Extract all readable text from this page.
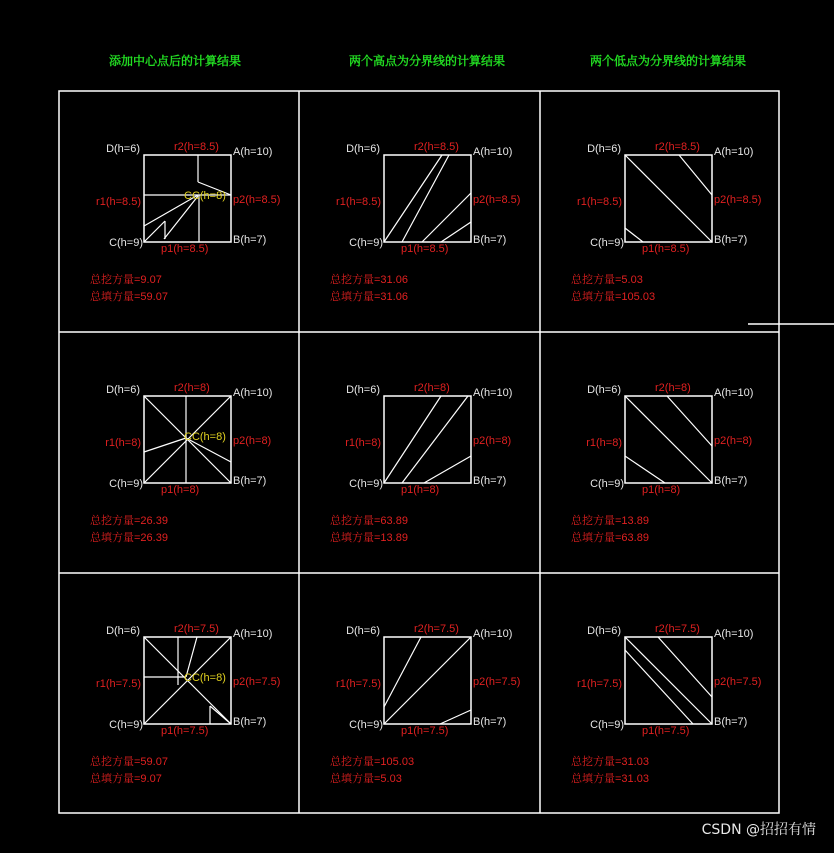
添加中心点后的计算结果	两个高点为分界线的计算结果	两个低点为分界线的计算结果
D(h=6)	A(h=10)
B(h=7)
C(h=9)
r2(h=8.5)
p2(h=8.5)
p1(h=8.5)
r1(h=8.5)	CC(h=8)
总挖方量=9.07
总填方量=59.07
D(h=6)	A(h=10)
B(h=7)
C(h=9)
r2(h=8.5)
p2(h=8.5)
p1(h=8.5)
r1(h=8.5)
总挖方量=31.06
总填方量=31.06
D(h=6)	A(h=10)
B(h=7)
C(h=9)
r2(h=8.5)
p2(h=8.5)
p1(h=8.5)
r1(h=8.5)
总挖方量=5.03
总填方量=105.03
D(h=6)	A(h=10)
B(h=7)
C(h=9)
r2(h=8)
p2(h=8)
p1(h=8)
r1(h=8)	CC(h=8)
总挖方量=26.39
总填方量=26.39
D(h=6)	A(h=10)
B(h=7)
C(h=9)
r2(h=8)
p2(h=8)
p1(h=8)
r1(h=8)
总挖方量=63.89
总填方量=13.89
D(h=6)	A(h=10)
B(h=7)
C(h=9)
r2(h=8)
p2(h=8)
p1(h=8)
r1(h=8)
总挖方量=13.89
总填方量=63.89
D(h=6)	A(h=10)
B(h=7)
C(h=9)
r2(h=7.5)
p2(h=7.5)
p1(h=7.5)
r1(h=7.5)	CC(h=8)
总挖方量=59.07
总填方量=9.07
D(h=6)	A(h=10)
B(h=7)
C(h=9)
r2(h=7.5)
p2(h=7.5)
p1(h=7.5)
r1(h=7.5)
总挖方量=105.03
总填方量=5.03
D(h=6)	A(h=10)
B(h=7)
C(h=9)
r2(h=7.5)
p2(h=7.5)
p1(h=7.5)
r1(h=7.5)
总挖方量=31.03
总填方量=31.03
CSDN @招招有情
